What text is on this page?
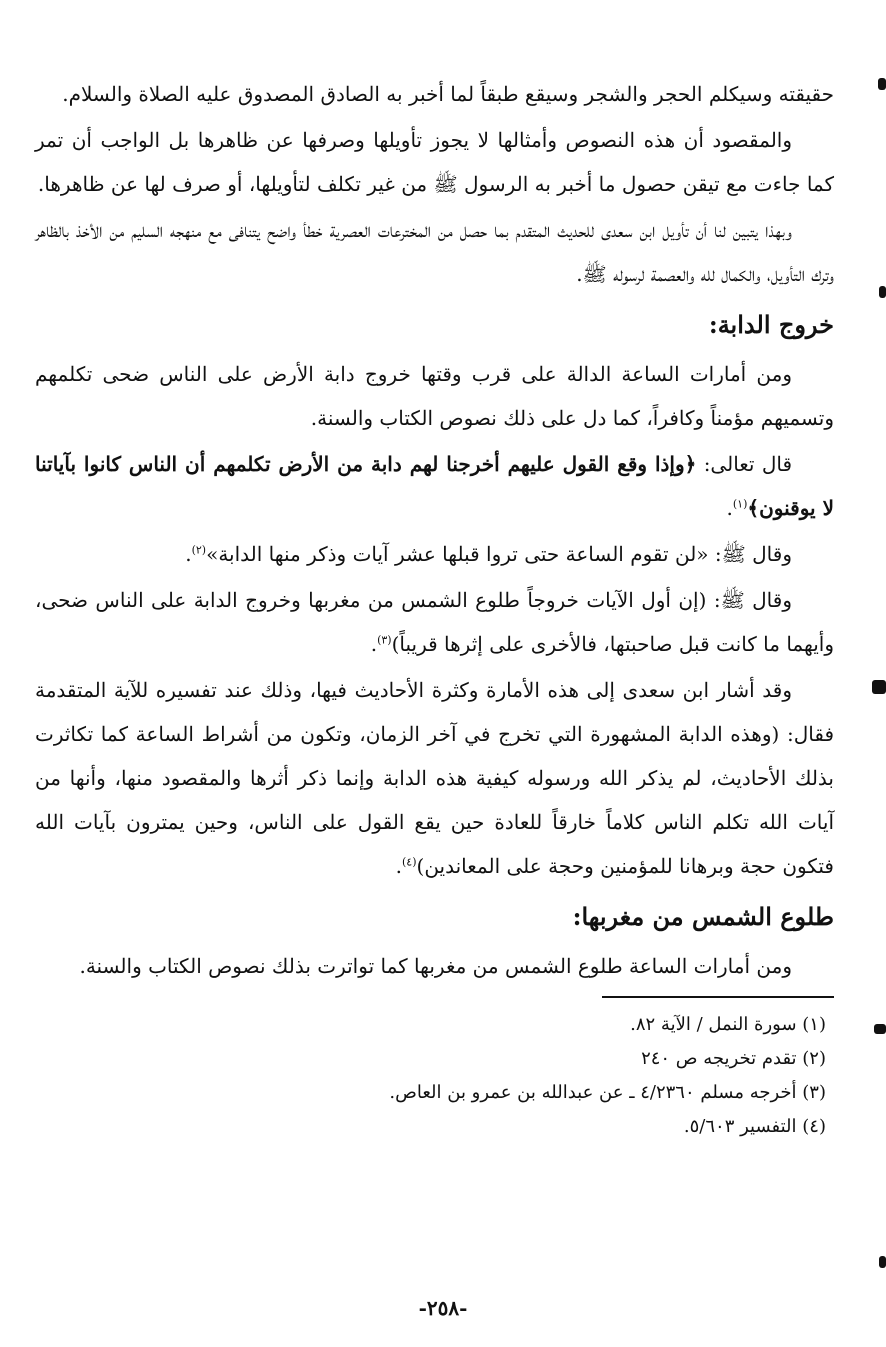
حقيقته وسيكلم الحجر والشجر وسيقع طبقاً لما أخبر به الصادق المصدوق عليه الصلاة والسلام.

والمقصود أن هذه النصوص وأمثالها لا يجوز تأويلها وصرفها عن ظاهرها بل الواجب أن تمر كما جاءت مع تيقن حصول ما أخبر به الرسول ﷺ من غير تكلف لتأويلها، أو صرف لها عن ظاهرها.

وبهذا يتبين لنا أن تأويل ابن سعدى للحديث المتقدم بما حصل من المخترعات العصرية خطأ واضح يتنافى مع منهجه السليم من الأخذ بالظاهر وترك التأويل، والكمال لله والعصمة لرسوله ﷺ.

خروج الدابة:

ومن أمارات الساعة الدالة على قرب وقتها خروج دابة الأرض على الناس ضحى تكلمهم وتسميهم مؤمناً وكافراً، كما دل على ذلك نصوص الكتاب والسنة.

قال تعالى: ﴿وإذا وقع القول عليهم أخرجنا لهم دابة من الأرض تكلمهم أن الناس كانوا بآياتنا لا يوقنون﴾$^{(١)}$.

وقال ﷺ: «لن تقوم الساعة حتى تروا قبلها عشر آيات وذكر منها الدابة»$^{(٢)}$.

وقال ﷺ: (إن أول الآيات خروجاً طلوع الشمس من مغربها وخروج الدابة على الناس ضحى، وأيهما ما كانت قبل صاحبتها، فالأخرى على إثرها قريباً)$^{(٣)}$.

وقد أشار ابن سعدى إلى هذه الأمارة وكثرة الأحاديث فيها، وذلك عند تفسيره للآية المتقدمة فقال: (وهذه الدابة المشهورة التي تخرج في آخر الزمان، وتكون من أشراط الساعة كما تكاثرت بذلك الأحاديث، لم يذكر الله ورسوله كيفية هذه الدابة وإنما ذكر أثرها والمقصود منها، وأنها من آيات الله تكلم الناس كلاماً خارقاً للعادة حين يقع القول على الناس، وحين يمترون بآيات الله فتكون حجة وبرهانا للمؤمنين وحجة على المعاندين)$^{(٤)}$.

طلوع الشمس من مغربها:

ومن أمارات الساعة طلوع الشمس من مغربها كما تواترت بذلك نصوص الكتاب والسنة.

(١) سورة النمل / الآية ٨٢.

(٢) تقدم تخريجه ص ٢٤٠

(٣) أخرجه مسلم ٤/٢٣٦٠ ـ عن عبدالله بن عمرو بن العاص.

(٤) التفسير ٥/٦٠٣.

-٢٥٨-
